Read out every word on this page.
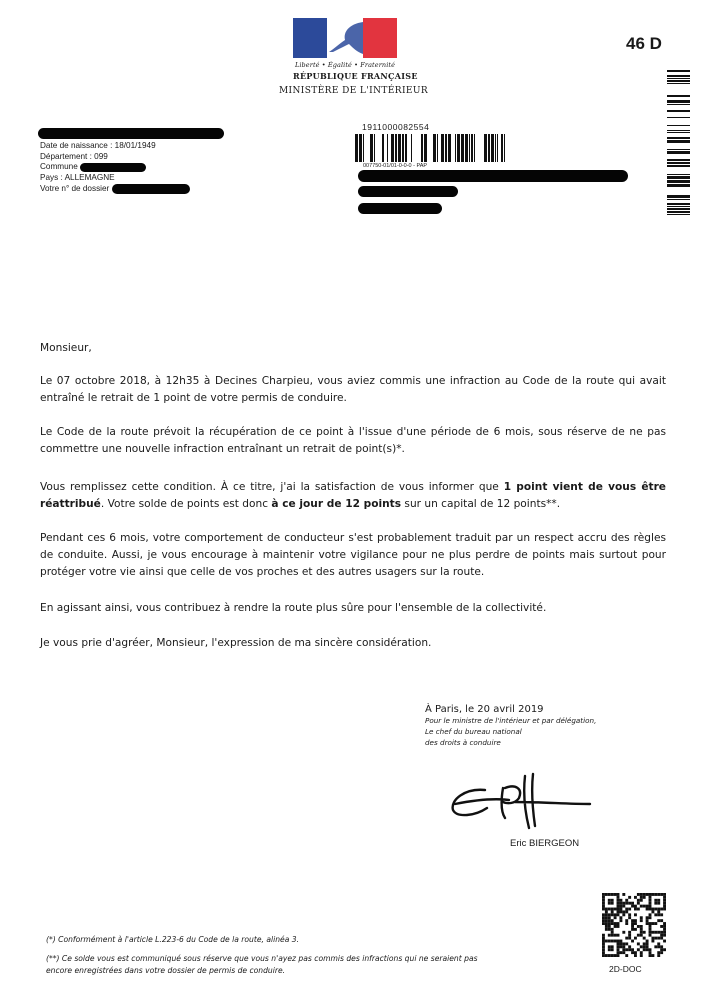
Liberté • Égalité • Fraternité
RÉPUBLIQUE FRANÇAISE
MINISTÈRE DE L'INTÉRIEUR
46 D
Date de naissance : 18/01/1949
Département : 099
Commune
Pays : ALLEMAGNE
Votre n° de dossier
1911000082554
007750-01/01-0-0-0 - PAP
Monsieur,
Le 07 octobre 2018, à 12h35 à Decines Charpieu, vous aviez commis une infraction au Code de la route qui avait entraîné le retrait de 1 point de votre permis de conduire.
Le Code de la route prévoit la récupération de ce point à l'issue d'une période de 6 mois, sous réserve de ne pas commettre une nouvelle infraction entraînant un retrait de point(s)*.
Vous remplissez cette condition. À ce titre, j'ai la satisfaction de vous informer que 1 point vient de vous être réattribué. Votre solde de points est donc à ce jour de 12 points sur un capital de 12 points**.
Pendant ces 6 mois, votre comportement de conducteur s'est probablement traduit par un respect accru des règles de conduite. Aussi, je vous encourage à maintenir votre vigilance pour ne plus perdre de points mais surtout pour protéger votre vie ainsi que celle de vos proches et des autres usagers sur la route.
En agissant ainsi, vous contribuez à rendre la route plus sûre pour l'ensemble de la collectivité.
Je vous prie d'agréer, Monsieur, l'expression de ma sincère considération.
À Paris, le 20 avril 2019
Pour le ministre de l'intérieur et par délégation,
Le chef du bureau national
des droits à conduire
Eric BIERGEON
(*) Conformément à l'article L.223-6 du Code de la route, alinéa 3.
(**) Ce solde vous est communiqué sous réserve que vous n'ayez pas commis des infractions qui ne seraient pas encore enregistrées dans votre dossier de permis de conduire.	2D-DOC
